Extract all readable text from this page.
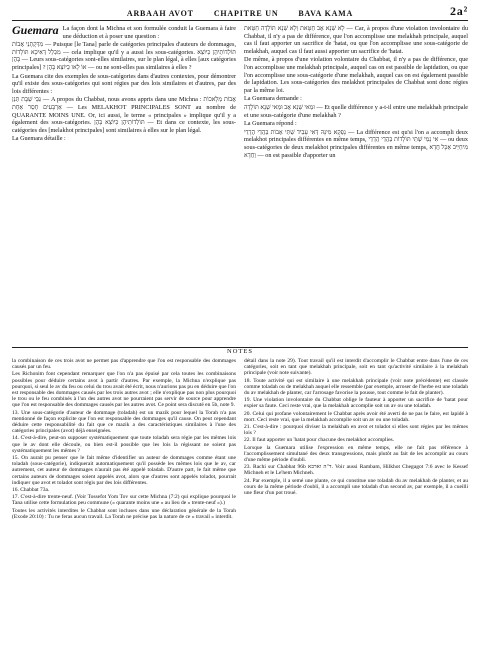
ARBAAH AVOT	CHAPITRE UN	BAVA KAMA	2a²

Guemara La façon dont la Michna et son formulée conduit la Guemara à faire une déduction et à poser une question :

מִדְּקָתָנֵי אָבוֹת — Puisque [le Tana] parle de catégories principales d'auteurs de dommages, מִכְּלָל דְּאִיכָּא תּוֹלָדוֹת — cela implique qu'il y a aussi les sous-catégories. תּוֹלְדוֹתֵיהֶן כַּיּוֹצֵא בָּהֶן — Leurs sous-catégories sont-elles similaires, sur le plan légal, à elles [aux catégories principales] ? אוֹ לָאו כַּיּוֹצֵא בָּהֶן — ou ne sont-elles pas similaires à elles ?

La Guemara cite des exemples de sous-catégories dans d'autres contextes, pour démontrer qu'il existe des sous-catégories qui sont régies par des lois similaires et d'autres, par des lois différentes :

גַּבֵּי שַׁבָּת תְּנַן — A propos du Chabbat, nous avons appris dans une Michna : אֲבוֹת מְלָאכוֹת אַרְבָּעִים חָסֵר אַחַת — Les MELAKHOT PRINCIPALES SONT au nombre de QUARANTE MOINS UNE. Or, ici aussi, le terme « principales » implique qu'il y a également des sous-catégories. תּוֹלְדוֹתֵיהֶן כַּיּוֹצֵא בָּהֶן — Et dans ce contexte, les sous-catégories des [melakhot principales] sont similaires à elles sur le plan légal.

La Guemara détaille :

לָא שְׁנָא אָב חַטָּאת וְלָא שְׁנָא תּוֹלָדָה חַטָּאת — Car, à propos d'une violation involontaire du Chabbat, il n'y a pas de différence, que l'on accomplisse une melakhah principale, auquel cas il faut apporter un sacrifice de 'hatat, ou que l'on accomplisse une sous-catégorie de melakhah, auquel cas il faut aussi apporter un sacrifice de 'hatat.

De même, à propos d'une violation volontaire du Chabbat, il n'y a pas de différence, que l'on accomplisse une melakhah principale, auquel cas on est passible de lapidation, ou que l'on accomplisse une sous-catégorie d'une melakhah, auquel cas on est également passible de lapidation. Les sous-catégories des melakhot principales de Chabbat sont donc régies par la même loi.

La Guemara demande :

וּמַאי שְׁנָא אָב וּמַאי שְׁנָא תּוֹלָדָה — Et quelle différence y a-t-il entre une melakhah principale et une sous-catégorie d'une melakhah ?

La Guemara répond :

נָפְקָא מִינָּהּ דְּאִי עָבֵיד שְׁתֵּי אָבוֹת בַּהֲדֵי הֲדָדֵי — La différence est qu'si l'on a accompli deux melakhot principales différentes en même temps, אִי נָמֵי שְׁתֵּי תּוֹלָדוֹת בַּהֲדֵי הֲדָדֵי — ou deux sous-catégories de deux melakhot principales différentes en même temps, מִיחַיֵּיב אַכָּל חֲדָא וַחֲדָא — on est passible d'apporter un

NOTES

la combinaison de ces trois avot ne permet pas d'apprendre que l'on est responsable des dommages causés par un feu.

Les Richonim font cependant remarquer que l'on n'a pas épuisé par cela toutes les combinaisons possibles pour déduire certains avot à partir d'autres. Par exemple, la Michna n'explique pas pourquoi, si seul le av du feu ou celui du trou avait été écrit, nous n'aurions pas pu en déduire que l'on est responsable des dommages causés par les trois autres avot ; elle n'explique pas non plus pourquoi le trou ou le feu combinés à l'un des autres avot ne pourraient pas servir de source pour apprendre que l'on est responsable des dommages causés par les autres avot. Ce point sera discuté en 5b, note 9.

13. Une sous-catégorie d'auteur de dommage (toladah) est un mazik pour lequel la Torah n'a pas mentionné de façon explicite que l'on est responsable des dommages qu'il cause. On peut cependant déduire cette responsabilité du fait que ce mazik a des caractéristiques similaires à l'une des catégories principales (avot) déjà enseignées.

14. C'est-à-dire, peut-on supposer systématiquement que toute toladah sera régie par les mêmes lois que le av dont elle découle, ou bien est-il possible que les lois la régissant ne soient pas systématiquement les mêmes ?

15. On aurait pu penser que le fait même d'identifier un auteur de dommages comme étant une toladah (sous-catégorie), indiquerait automatiquement qu'il possède les mêmes lois que le av, car autrement, cet auteur de dommages n'aurait pas été appelé toladah. D'autre part, le fait même que certains auteurs de dommages soient appelés avot, alors que d'autres sont appelés toladot, pourrait indiquer que avot et toladot sont régis par des lois différentes.

16. Chabbat 73a.

17. C'est-à-dire trente-neuf. (Voir Tossefot Yom Tov sur cette Michna (7:2) qui explique pourquoi le Tana utilise cette formulation peu commune (« quarante moins une » au lieu de « trente-neuf »).)

Toutes les activités interdites le Chabbat sont incluses dans une déclaration générale de la Torah (Exode 20:10) : Tu ne feras aucun travail. La Torah ne précise pas la nature de ce « travail » interdit.

détail dans la note 29). Tout travail qu'il est interdit d'accomplir le Chabbat entre dans l'une de ces catégories, soit en tant que melakhah principale, soit en tant qu'activité similaire à la melakhah principale (voir note suivante).

18. Toute activité qui est similaire à une melakhah principale (voir note précédente) est classée comme toladah ou de melakhah auquel elle ressemble (par exemple, arroser de l'herbe est une toladah du av melakhah de planter, car l'arrosage favorise la pousse, tout comme le fait de planter).

19. Une violation involontaire du Chabbat oblige le fauteur à apporter un sacrifice de 'hatat pour expier sa faute. Ceci reste vrai, que la melakhah accomplie soit un av ou une toladah.

20. Celui qui profane volontairement le Chabbat après avoir été averti de ne pas le faire, est lapidé à mort. Ceci reste vrai, que la melakhah accomplie soit un av ou une toladah.

21. C'est-à-dire : pourquoi diviser la melakhah en avot et toladot si elles sont régies par les mêmes lois ?

22. Il faut apporter un 'hatat pour chacune des melakhot accomplies.

Lorsque la Guemara utilise l'expression en même temps, elle ne fait pas référence à l'accomplissement simultané des deux transgressions, mais plutôt au fait de les accomplir au cours d'une même période d'oubli.

23. Rachi sur Chabbat 96b ד"ה וארבא. Voir aussi Rambam, Hilkhot Chegagot 7:6 avec le Kessef Michneh et le Le'hem Michneh.

24. Par exemple, il a semé une plante, ce qui constitue une toladah du av melakhah de planter, et au cours de la même période d'oubli, il a accompli une toladah d'un second av, par exemple, il a cueilli une fleur d'un pot troué.
